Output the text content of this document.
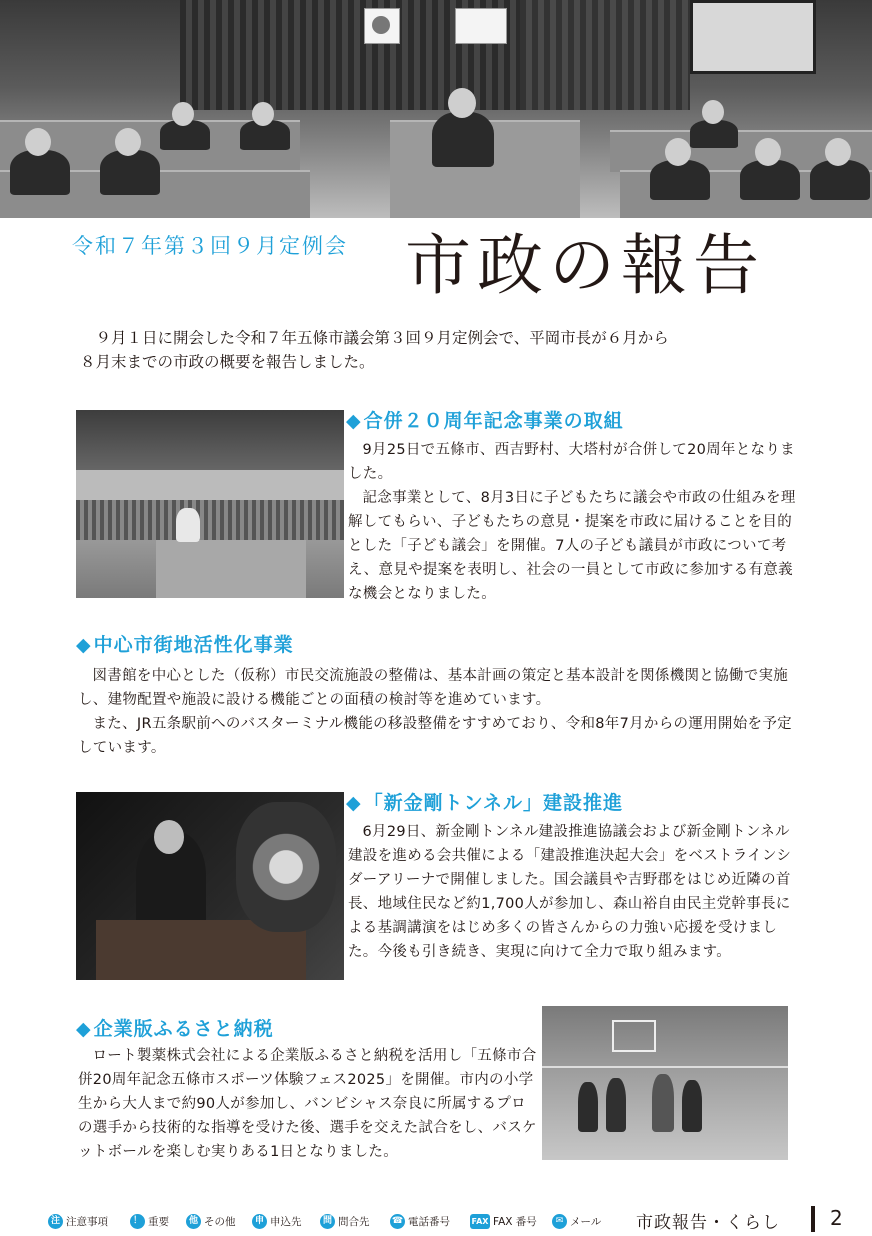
令和７年第３回９月定例会 市政の報告

９月１日に開会した令和７年五條市議会第３回９月定例会で、平岡市長が６月から

８月末までの市政の概要を報告しました。

◆ 合併２０周年記念事業の取組

9月25日で五條市、西吉野村、大塔村が合併して20周年となりました。

記念事業として、8月3日に子どもたちに議会や市政の仕組みを理解してもらい、子どもたちの意見・提案を市政に届けることを目的とした「子ども議会」を開催。7人の子ども議員が市政について考え、意見や提案を表明し、社会の一員として市政に参加する有意義な機会となりました。

◆ 中心市街地活性化事業

図書館を中心とした（仮称）市民交流施設の整備は、基本計画の策定と基本設計を関係機関と協働で実施し、建物配置や施設に設ける機能ごとの面積の検討等を進めています。

また、JR五条駅前へのバスターミナル機能の移設整備をすすめており、令和8年7月からの運用開始を予定しています。

◆ 「新金剛トンネル」建設推進

6月29日、新金剛トンネル建設推進協議会および新金剛トンネル建設を進める会共催による「建設推進決起大会」をベストラインシダーアリーナで開催しました。国会議員や吉野郡をはじめ近隣の首長、地域住民など約1,700人が参加し、森山裕自由民主党幹事長による基調講演をはじめ多くの皆さんからの力強い応援を受けました。今後も引き続き、実現に向けて全力で取り組みます。

◆ 企業版ふるさと納税

ロート製薬株式会社による企業版ふるさと納税を活用し「五條市合併20周年記念五條市スポーツ体験フェス2025」を開催。市内の小学生から大人まで約90人が参加し、バンビシャス奈良に所属するプロの選手から技術的な指導を受けた後、選手を交えた試合をし、バスケットボールを楽しむ実りある1日となりました。

注 注意事項	！ 重要	他 その他	申 申込先	問 問合先 ☎ 電話番号	FAX FAX 番号	✉ メール 市政報告・くらし	2
